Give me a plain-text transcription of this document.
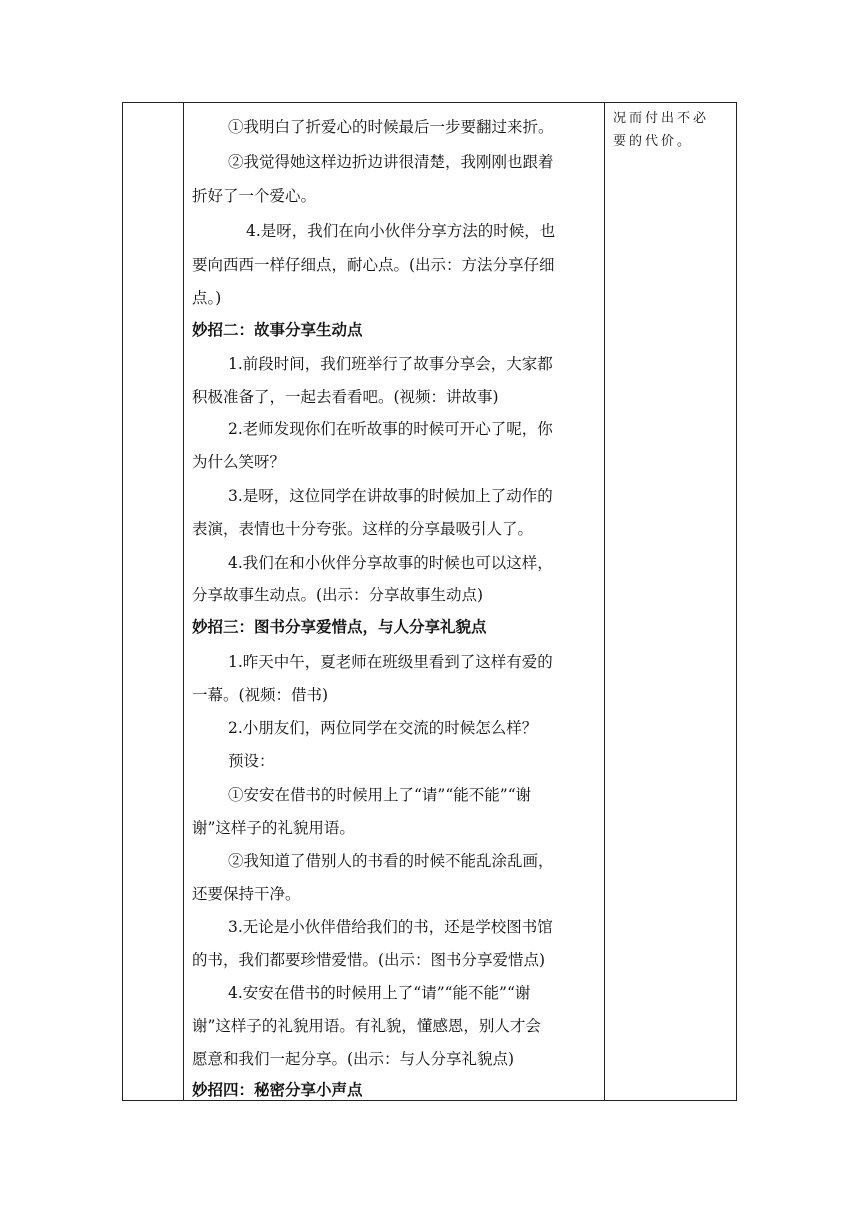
①我明白了折爱心的时候最后一步要翻过来折。
②我觉得她这样边折边讲很清楚，我刚刚也跟着
折好了一个爱心。
4.是呀，我们在向小伙伴分享方法的时候，也
要向西西一样仔细点，耐心点。(出示：方法分享仔细
点。)
妙招二：故事分享生动点
1.前段时间，我们班举行了故事分享会，大家都
积极准备了，一起去看看吧。(视频：讲故事)
2.老师发现你们在听故事的时候可开心了呢，你
为什么笑呀？
3.是呀，这位同学在讲故事的时候加上了动作的
表演，表情也十分夸张。这样的分享最吸引人了。
4.我们在和小伙伴分享故事的时候也可以这样，
分享故事生动点。(出示：分享故事生动点)
妙招三：图书分享爱惜点，与人分享礼貌点
1.昨天中午，夏老师在班级里看到了这样有爱的
一幕。(视频：借书)
2.小朋友们，两位同学在交流的时候怎么样？
预设：
①安安在借书的时候用上了“请”“能不能”“谢
谢”这样子的礼貌用语。
②我知道了借别人的书看的时候不能乱涂乱画，
还要保持干净。
3.无论是小伙伴借给我们的书，还是学校图书馆
的书，我们都要珍惜爱惜。(出示：图书分享爱惜点)
4.安安在借书的时候用上了“请”“能不能”“谢
谢”这样子的礼貌用语。有礼貌，懂感恩，别人才会
愿意和我们一起分享。(出示：与人分享礼貌点)
妙招四：秘密分享小声点
况而付出不必
要的代价。
